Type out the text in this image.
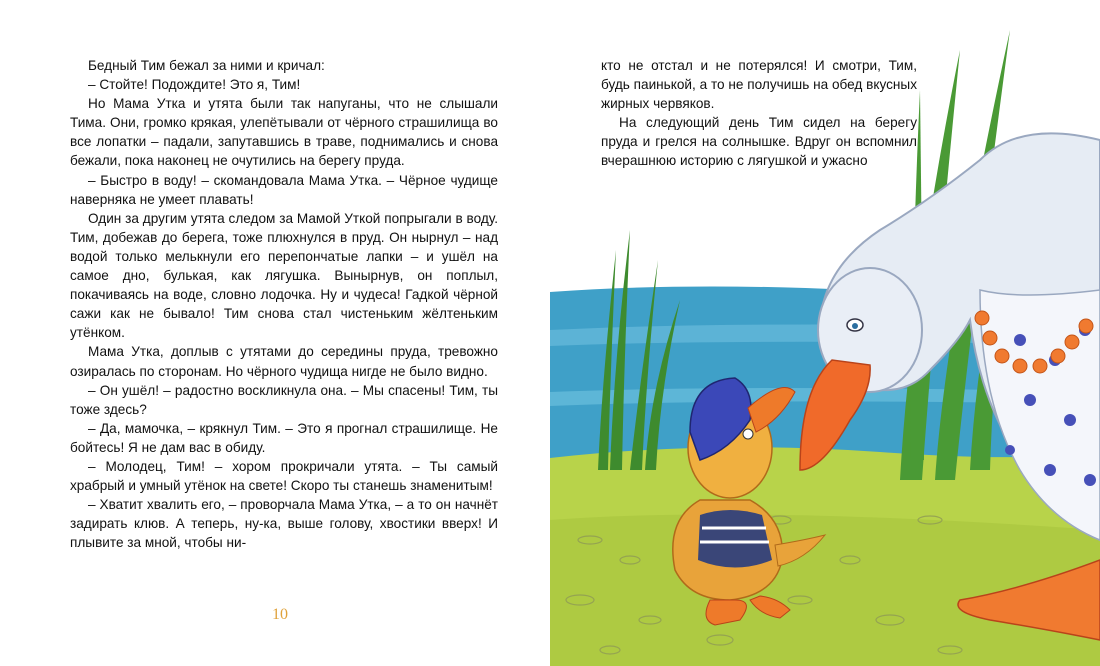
Бедный Тим бежал за ними и кричал:

– Стойте! Подождите! Это я, Тим!

Но Мама Утка и утята были так напуганы, что не слышали Тима. Они, громко крякая, улепётывали от чёрного страшилища во все лопатки – падали, запутавшись в траве, поднимались и снова бежали, пока наконец не очутились на берегу пруда.

– Быстро в воду! – скомандовала Мама Утка. – Чёрное чудище наверняка не умеет плавать!

Один за другим утята следом за Мамой Уткой попрыгали в воду. Тим, добежав до берега, тоже плюхнулся в пруд. Он нырнул – над водой только мелькнули его перепончатые лапки – и ушёл на самое дно, булькая, как лягушка. Вынырнув, он поплыл, покачиваясь на воде, словно лодочка. Ну и чудеса! Гадкой чёрной сажи как не бывало! Тим снова стал чистеньким жёлтеньким утёнком.

Мама Утка, доплыв с утятами до середины пруда, тревожно озиралась по сторонам. Но чёрного чудища нигде не было видно.

– Он ушёл! – радостно воскликнула она. – Мы спасены! Тим, ты тоже здесь?

– Да, мамочка, – крякнул Тим. – Это я прогнал страшилище. Не бойтесь! Я не дам вас в обиду.

– Молодец, Тим! – хором прокричали утята. – Ты самый храбрый и умный утёнок на свете! Скоро ты станешь знаменитым!

– Хватит хвалить его, – проворчала Мама Утка, – а то он начнёт задирать клюв. А теперь, ну-ка, выше голову, хвостики вверх! И плывите за мной, чтобы ни-

10

кто не отстал и не потерялся! И смотри, Тим, будь паинькой, а то не получишь на обед вкусных жирных червяков.

На следующий день Тим сидел на берегу пруда и грелся на солнышке. Вдруг он вспомнил вчерашнюю историю с лягушкой и ужасно
